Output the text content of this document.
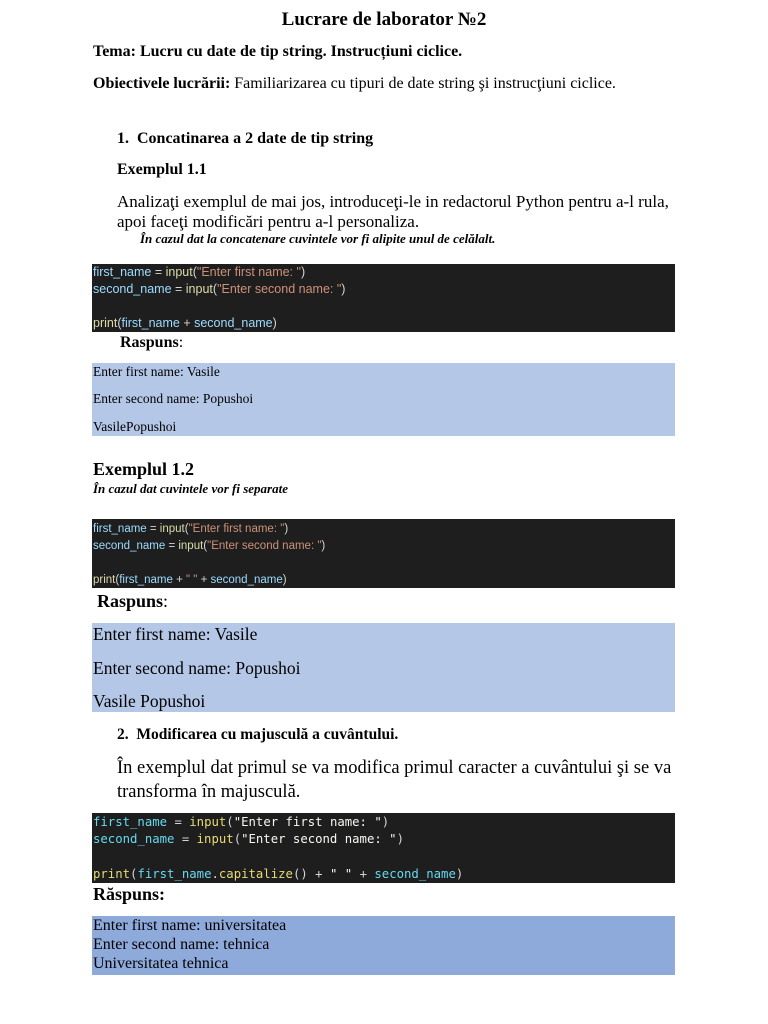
Lucrare de laborator №2
Tema: Lucru cu date de tip string. Instrucțiuni ciclice.
Obiectivele lucrării: Familiarizarea cu tipuri de date string şi instrucţiuni ciclice.
1. Concatinarea a 2 date de tip string
Exemplul 1.1
Analizaţi exemplul de mai jos, introduceţi-le in redactorul Python pentru a-l rula, apoi faceţi modificări pentru a-l personaliza.
În cazul dat la concatenare cuvintele vor fi alipite unul de celălalt.
first_name = input("Enter first name: ")
second_name = input("Enter second name: ")
print(first_name + second_name)
Raspuns:
Enter first name: Vasile
Enter second name: Popushoi
VasilePopushoi
Exemplul 1.2
În cazul dat cuvintele vor fi separate
first_name = input("Enter first name: ")
second_name = input("Enter second name: ")
print(first_name + " " + second_name)
Raspuns:
Enter first name: Vasile
Enter second name: Popushoi
Vasile Popushoi
2. Modificarea cu majusculă a cuvântului.
În exemplul dat primul se va modifica primul caracter a cuvântului şi se va transforma în majusculă.
first_name = input("Enter first name: ")
second_name = input("Enter second name: ")
print(first_name.capitalize() + " " + second_name)
Răspuns:
Enter first name: universitatea
Enter second name: tehnica
Universitatea tehnica
